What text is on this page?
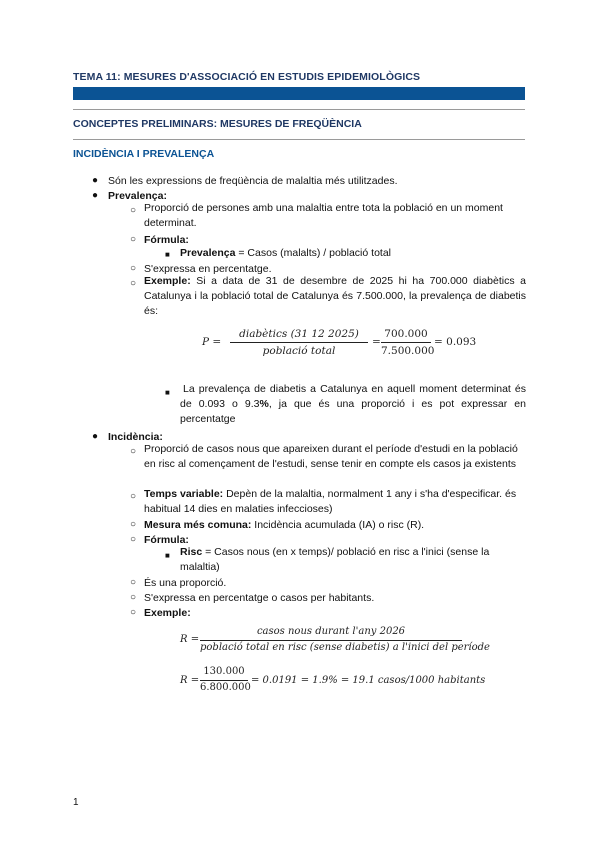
TEMA 11: MESURES D'ASSOCIACIÓ EN ESTUDIS EPIDEMIOLÒGICS
CONCEPTES PRELIMINARS: MESURES DE FREQÜÈNCIA
INCIDÈNCIA I PREVALENÇA
● Són les expressions de freqüència de malaltia més utilitzades.
● Prevalença:
○ Proporció de persones amb una malaltia entre tota la població en un moment determinat.
○ Fórmula:
■ Prevalença = Casos (malalts) / població total
○ S'expressa en percentatge.
○ Exemple: Si a data de 31 de desembre de 2025 hi ha 700.000 diabètics a Catalunya i la població total de Catalunya és 7.500.000, la prevalença de diabetis és:
P =
diabètics (31 12 2025)
població total
=
700.000
7.500.000
= 0.093
■ La prevalença de diabetis a Catalunya en aquell moment determinat és de 0.093 o 9.3%, ja que és una proporció i es pot expressar en percentatge
● Incidència:
○ Proporció de casos nous que apareixen durant el període d'estudi en la població en risc al començament de l'estudi, sense tenir en compte els casos ja existents
○ Temps variable: Depèn de la malaltia, normalment 1 any i s'ha d'especificar. és habitual 14 dies en malaties infeccioses)
○ Mesura més comuna: Incidència acumulada (IA) o risc (R).
○ Fórmula:
■ Risc = Casos nous (en x temps)/ població en risc a l'inici (sense la malaltia)
○ És una proporció.
○ S'expressa en percentatge o casos per habitants.
○ Exemple:
R =
casos nous durant l'any 2026
població total en risc (sense diabetis) a l'inici del període
R =
130.000
6.800.000
= 0.0191 = 1.9% = 19.1 casos/1000 habitants
1
